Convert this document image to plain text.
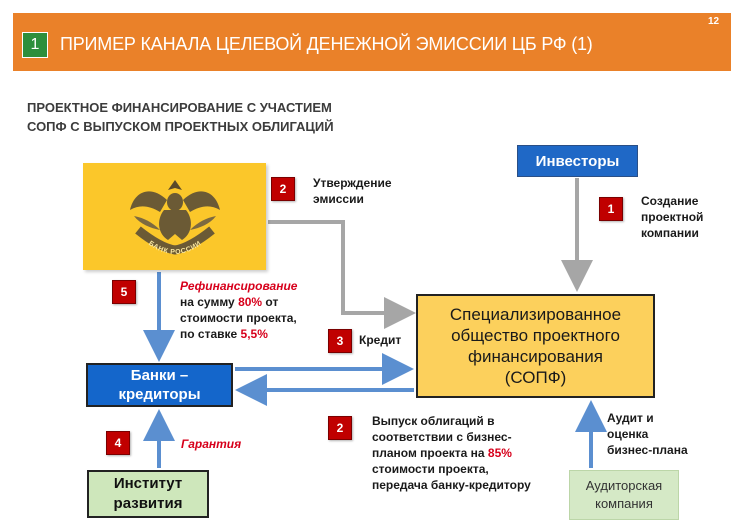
1	ПРИМЕР КАНАЛА ЦЕЛЕВОЙ ДЕНЕЖНОЙ ЭМИССИИ ЦБ РФ (1)
12
ПРОЕКТНОЕ ФИНАНСИРОВАНИЕ С УЧАСТИЕМ
СОПФ С ВЫПУСКОМ ПРОЕКТНЫХ ОБЛИГАЦИЙ
БАНК РОССИИ
Инвесторы
2	Утверждение
эмиссии
1
Создание
проектной
компании
5	Рефинансирование
на сумму 80% от
стоимости проекта,
по ставке 5,5%
Специализированное
общество проектного
финансирования
(СОПФ)
3	Кредит
Банки –
кредиторы
Аудит и
оценка
бизнес-плана
2	Выпуск облигаций в
соответствии с бизнес-
планом проекта на 85%
стоимости проекта,
передача банку-кредитору
4	Гарантия
Институт
развития
Аудиторская
компания
